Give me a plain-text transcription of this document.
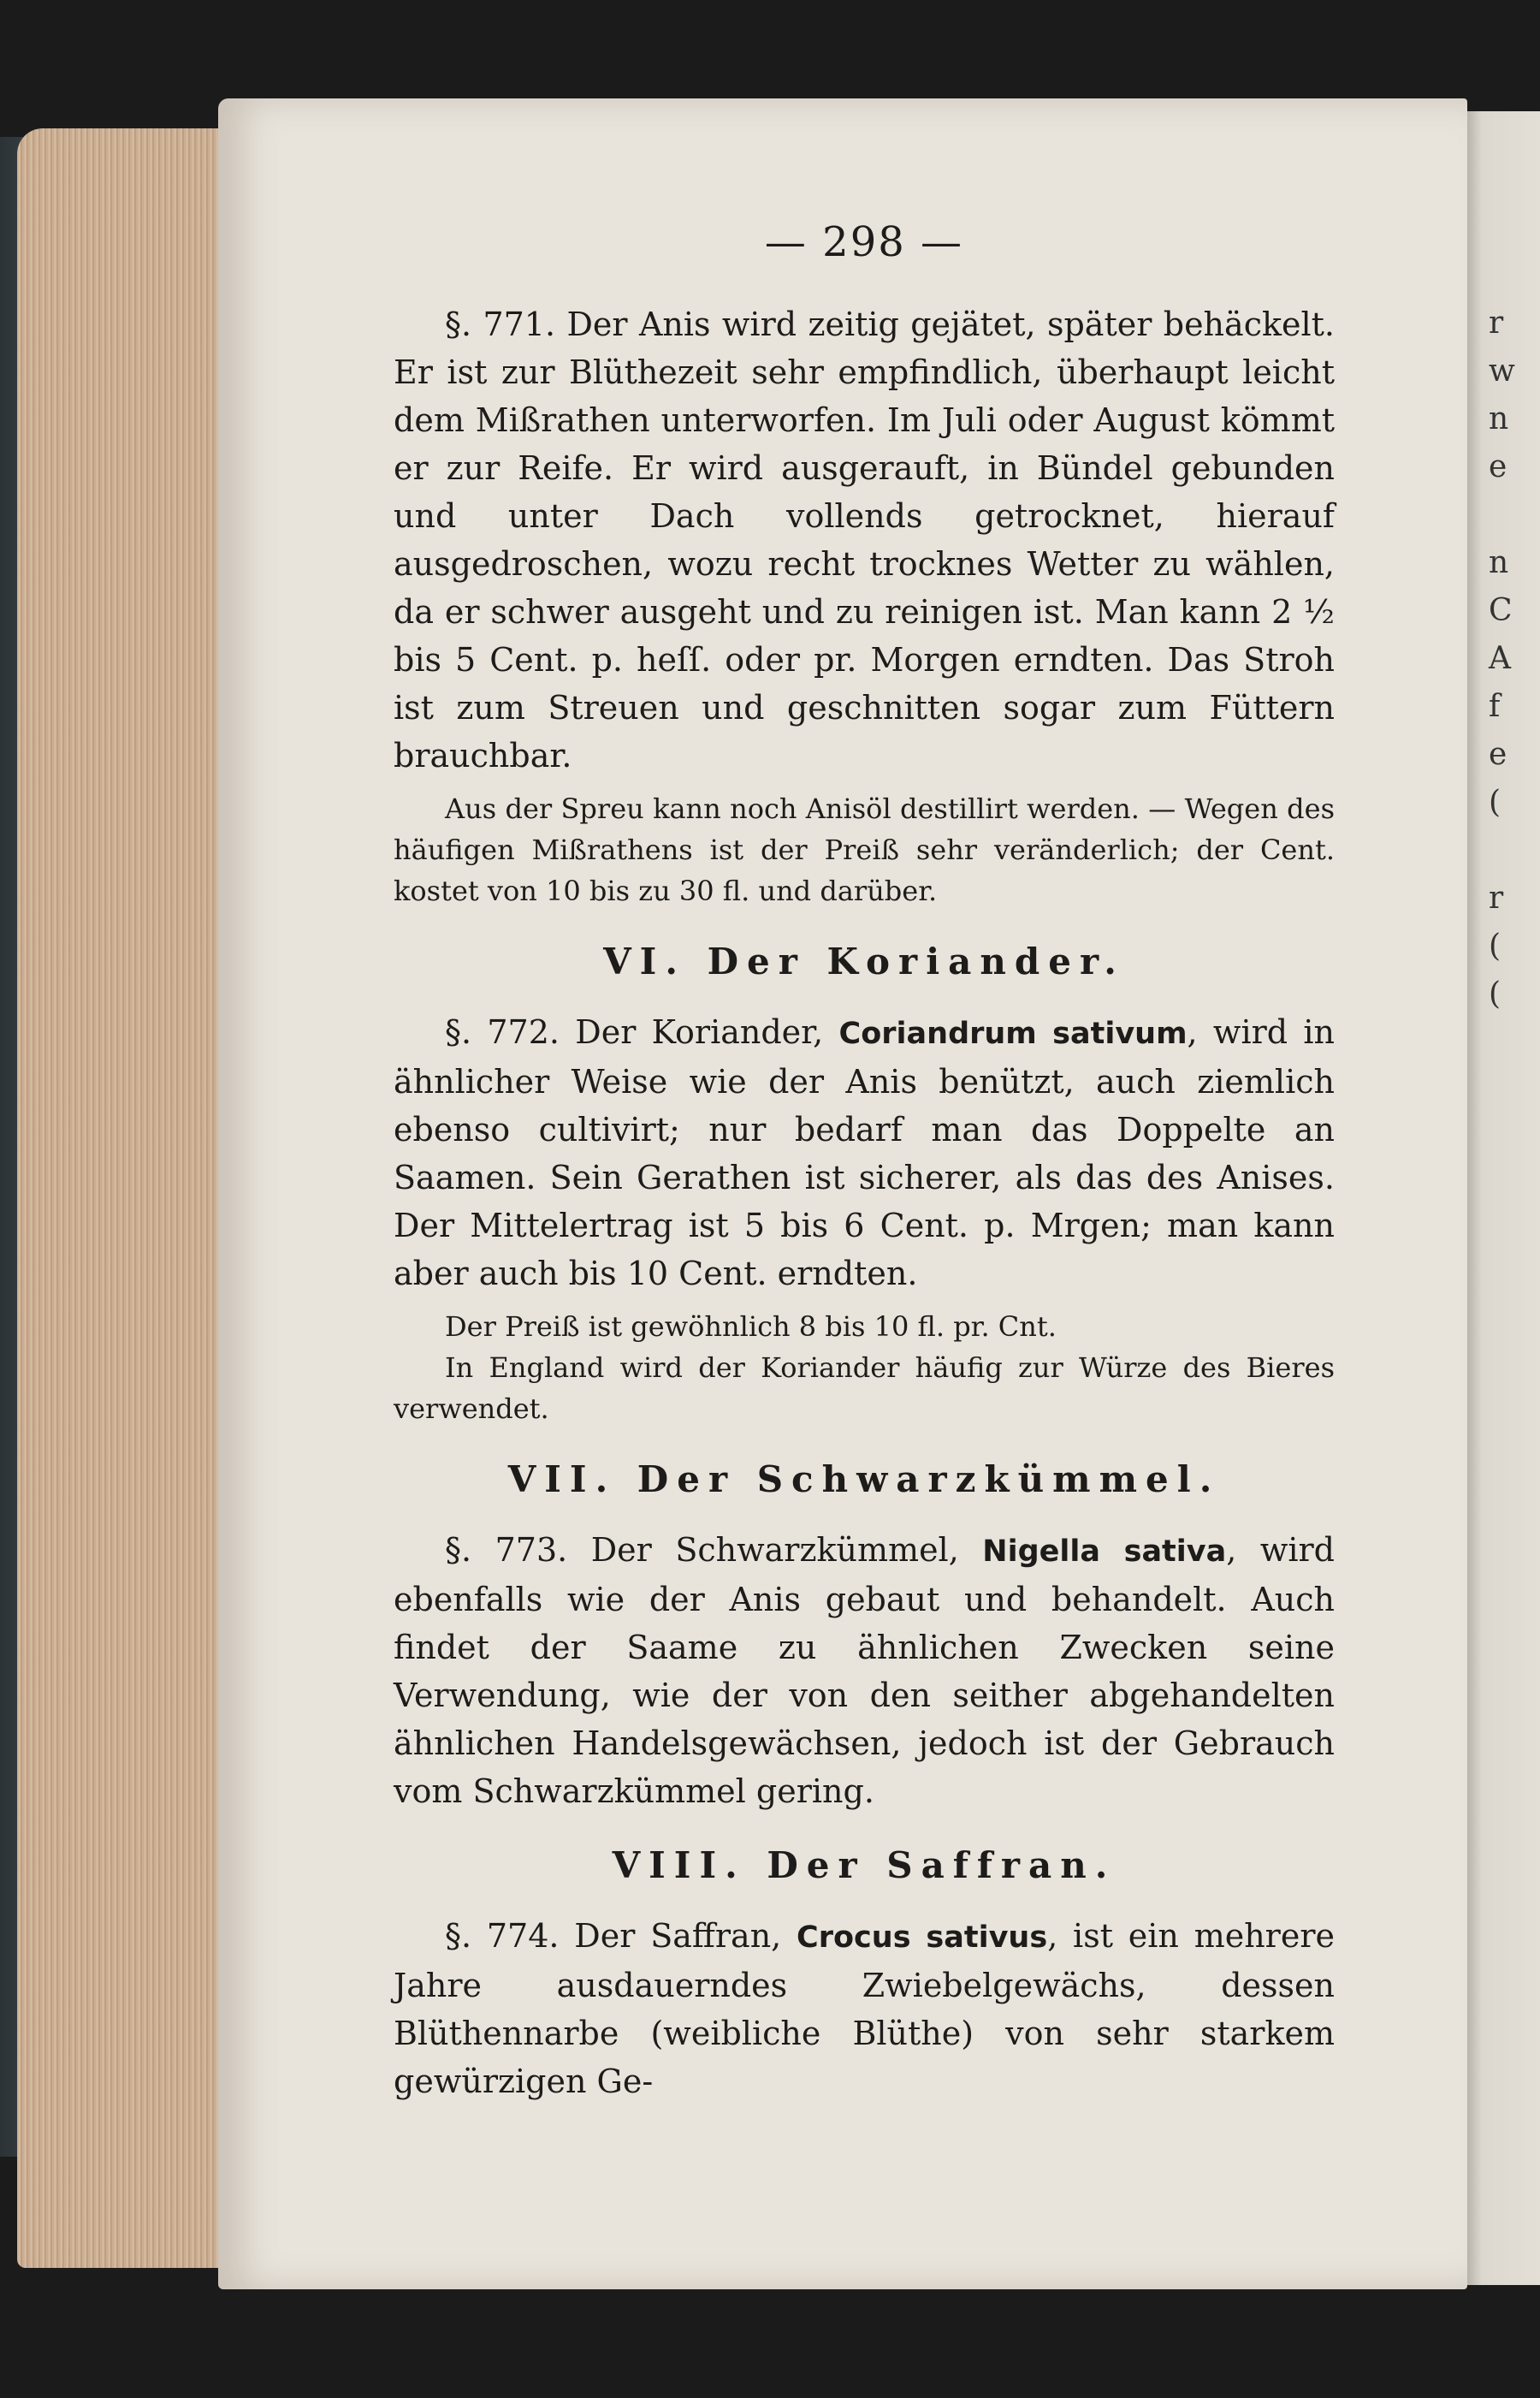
r
w
n
e
n
C
A
f
e
(
r
(
(
— 298 —

§. 771. Der Anis wird zeitig gejätet, später behäckelt. Er ist zur Blüthezeit sehr empfindlich, überhaupt leicht dem Mißrathen unterworfen. Im Juli oder August kömmt er zur Reife. Er wird ausgerauft, in Bündel gebunden und unter Dach vollends getrocknet, hierauf ausgedroschen, wozu recht trocknes Wetter zu wählen, da er schwer ausgeht und zu reinigen ist. Man kann 2 ½ bis 5 Cent. p. heſſ. oder pr. Morgen erndten. Das Stroh ist zum Streuen und geschnitten sogar zum Füttern brauchbar.

Aus der Spreu kann noch Anisöl destillirt werden. — Wegen des häufigen Mißrathens ist der Preiß sehr veränderlich; der Cent. kostet von 10 bis zu 30 fl. und darüber.

VI. Der Koriander.

§. 772. Der Koriander, Coriandrum sativum, wird in ähnlicher Weise wie der Anis benützt, auch ziemlich ebenso cultivirt; nur bedarf man das Doppelte an Saamen. Sein Gerathen ist sicherer, als das des Anises. Der Mittelertrag ist 5 bis 6 Cent. p. Mrgen; man kann aber auch bis 10 Cent. erndten.

Der Preiß ist gewöhnlich 8 bis 10 fl. pr. Cnt.

In England wird der Koriander häufig zur Würze des Bieres verwendet.

VII. Der Schwarzkümmel.

§. 773. Der Schwarzkümmel, Nigella sativa, wird ebenfalls wie der Anis gebaut und behandelt. Auch findet der Saame zu ähnlichen Zwecken seine Verwendung, wie der von den seither abgehandelten ähnlichen Handelsgewächsen, jedoch ist der Gebrauch vom Schwarzkümmel gering.

VIII. Der Saffran.

§. 774. Der Saffran, Crocus sativus, ist ein mehrere Jahre ausdauerndes Zwiebelgewächs, dessen Blüthennarbe (weibliche Blüthe) von sehr starkem gewürzigen Ge-
